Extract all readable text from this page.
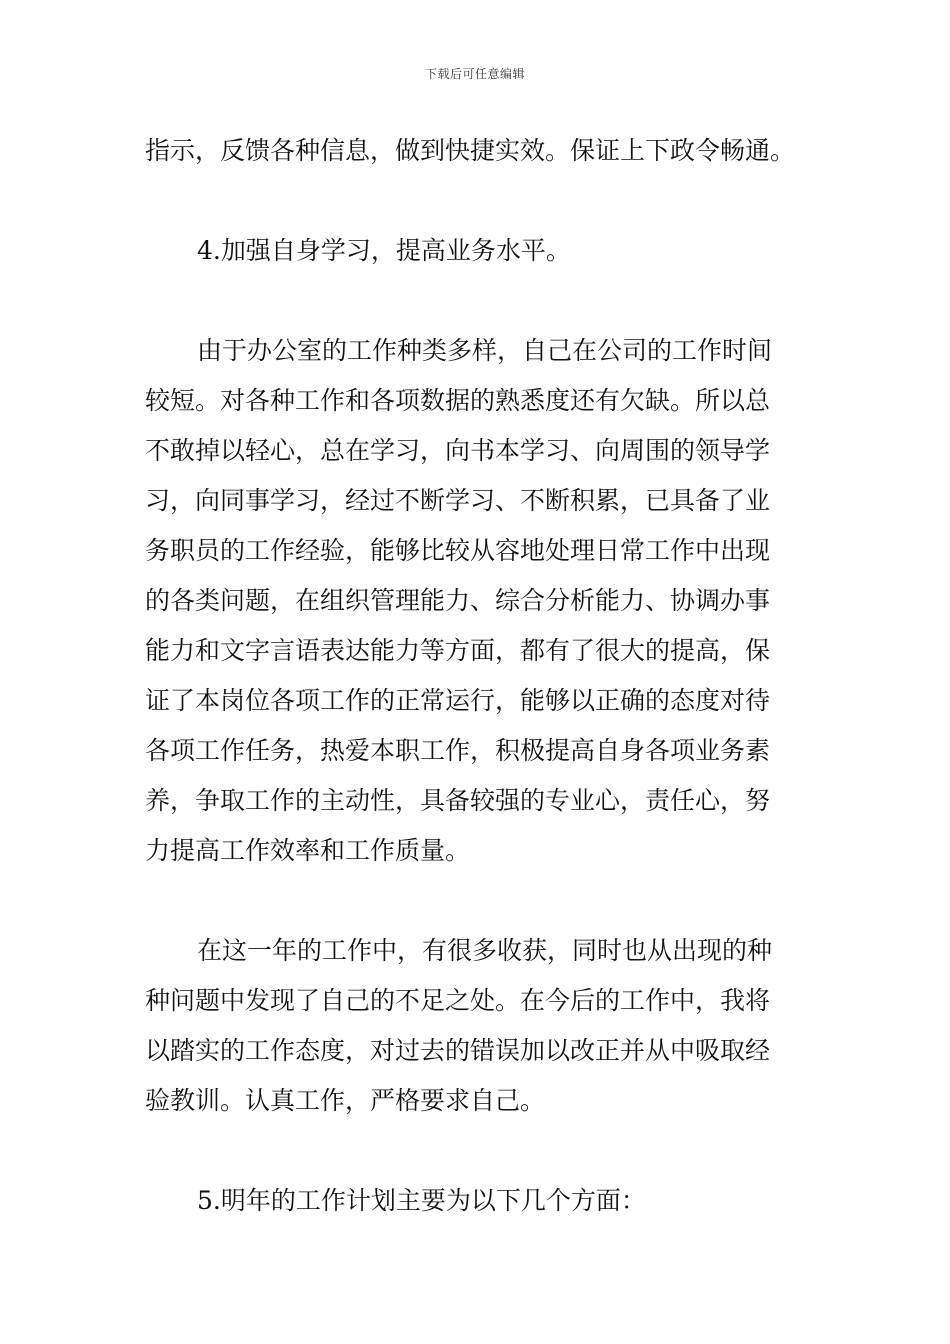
下载后可任意编辑
指示，反馈各种信息，做到快捷实效。保证上下政令畅通。
4.加强自身学习，提高业务水平。
由于办公室的工作种类多样，自己在公司的工作时间
较短。对各种工作和各项数据的熟悉度还有欠缺。所以总
不敢掉以轻心，总在学习，向书本学习、向周围的领导学
习，向同事学习，经过不断学习、不断积累，已具备了业
务职员的工作经验，能够比较从容地处理日常工作中出现
的各类问题，在组织管理能力、综合分析能力、协调办事
能力和文字言语表达能力等方面，都有了很大的提高，保
证了本岗位各项工作的正常运行，能够以正确的态度对待
各项工作任务，热爱本职工作，积极提高自身各项业务素
养，争取工作的主动性，具备较强的专业心，责任心，努
力提高工作效率和工作质量。
在这一年的工作中，有很多收获，同时也从出现的种
种问题中发现了自己的不足之处。在今后的工作中，我将
以踏实的工作态度，对过去的错误加以改正并从中吸取经
验教训。认真工作，严格要求自己。
5.明年的工作计划主要为以下几个方面：
